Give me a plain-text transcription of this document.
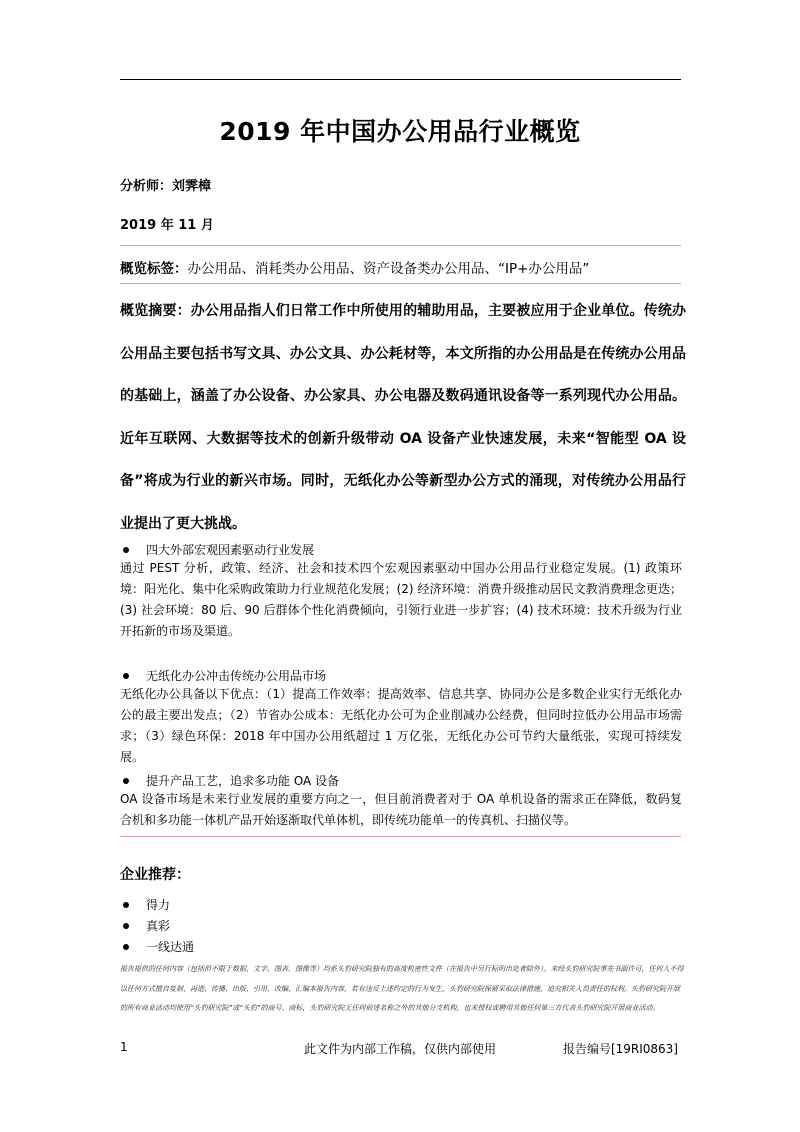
2019 年中国办公用品行业概览
分析师：刘霁樟
2019 年 11 月
概览标签：办公用品、消耗类办公用品、资产设备类办公用品、“IP+办公用品”
概览摘要：办公用品指人们日常工作中所使用的辅助用品，主要被应用于企业单位。传统办公用品主要包括书写文具、办公文具、办公耗材等，本文所指的办公用品是在传统办公用品的基础上，涵盖了办公设备、办公家具、办公电器及数码通讯设备等一系列现代办公用品。近年互联网、大数据等技术的创新升级带动 OA 设备产业快速发展，未来“智能型 OA 设备”将成为行业的新兴市场。同时，无纸化办公等新型办公方式的涌现，对传统办公用品行业提出了更大挑战。
四大外部宏观因素驱动行业发展
通过 PEST 分析，政策、经济、社会和技术四个宏观因素驱动中国办公用品行业稳定发展。(1) 政策环境：阳光化、集中化采购政策助力行业规范化发展；(2) 经济环境：消费升级推动居民文教消费理念更迭；(3) 社会环境：80 后、90 后群体个性化消费倾向，引领行业进一步扩容；(4) 技术环境：技术升级为行业开拓新的市场及渠道。
无纸化办公冲击传统办公用品市场
无纸化办公具备以下优点：（1）提高工作效率：提高效率、信息共享、协同办公是多数企业实行无纸化办公的最主要出发点；（2）节省办公成本：无纸化办公可为企业削减办公经费，但同时拉低办公用品市场需求；（3）绿色环保：2018 年中国办公用纸超过 1 万亿张，无纸化办公可节约大量纸张，实现可持续发展。
提升产品工艺，追求多功能 OA 设备
OA 设备市场是未来行业发展的重要方向之一，但目前消费者对于 OA 单机设备的需求正在降低，数码复合机和多功能一体机产品开始逐渐取代单体机，即传统功能单一的传真机、扫描仪等。
企业推荐：
得力
真彩
一线达通
报告提供的任何内容（包括但不限于数据、文字、图表、图像等）均系头豹研究院独有的高度机密性文件（在报告中另行标明出处者除外）。未经头豹研究院事先书面许可，任何人不得以任何方式擅自复制、再造、传播、出版、引用、改编、汇编本报告内容，若有违反上述约定的行为发生，头豹研究院保留采取法律措施，追究相关人员责任的权利。头豹研究院开展的所有商业活动均使用“头豹研究院”或“头豹”的商号、商标，头豹研究院无任何前述名称之外的其他分支机构，也未授权或聘用其他任何第三方代表头豹研究院开展商业活动。
1	此文件为内部工作稿，仅供内部使用	报告编号[19RI0863]
